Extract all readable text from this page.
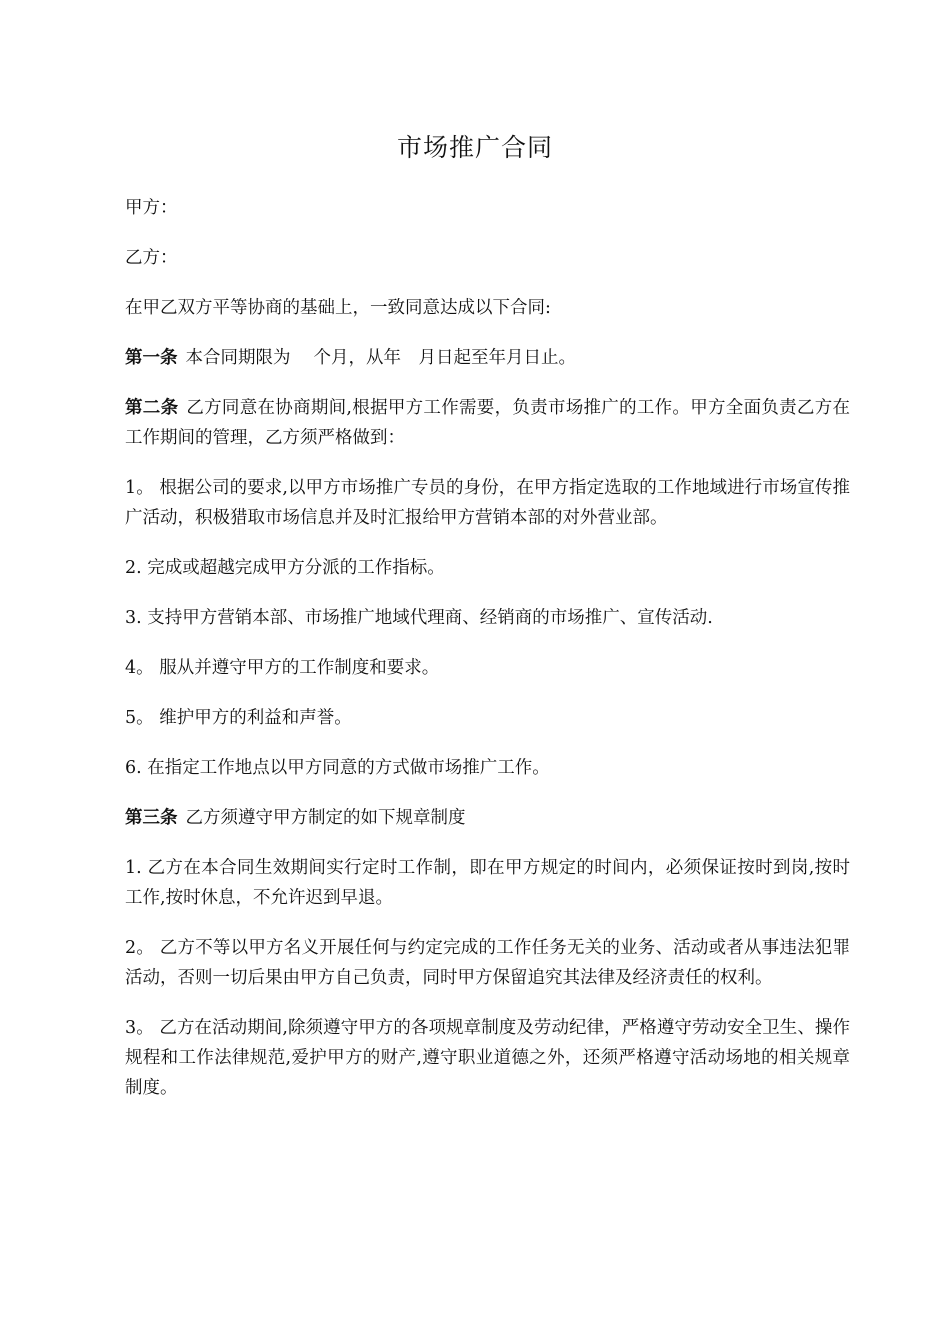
市场推广合同

甲方：

乙方：

在甲乙双方平等协商的基础上，一致同意达成以下合同:

第一条 本合同期限为　 个月，从年　月日起至年月日止。

第二条 乙方同意在协商期间,根据甲方工作需要，负责市场推广的工作。甲方全面负责乙方在工作期间的管理，乙方须严格做到：

1。 根据公司的要求,以甲方市场推广专员的身份，在甲方指定选取的工作地域进行市场宣传推广活动，积极猎取市场信息并及时汇报给甲方营销本部的对外营业部。

2. 完成或超越完成甲方分派的工作指标。

3. 支持甲方营销本部、市场推广地域代理商、经销商的市场推广、宣传活动.

4。 服从并遵守甲方的工作制度和要求。

5。 维护甲方的利益和声誉。

6. 在指定工作地点以甲方同意的方式做市场推广工作。

第三条 乙方须遵守甲方制定的如下规章制度

1. 乙方在本合同生效期间实行定时工作制，即在甲方规定的时间内，必须保证按时到岗,按时工作,按时休息，不允许迟到早退。

2。 乙方不等以甲方名义开展任何与约定完成的工作任务无关的业务、活动或者从事违法犯罪活动，否则一切后果由甲方自己负责，同时甲方保留追究其法律及经济责任的权利。

3。 乙方在活动期间,除须遵守甲方的各项规章制度及劳动纪律，严格遵守劳动安全卫生、操作规程和工作法律规范,爱护甲方的财产,遵守职业道德之外，还须严格遵守活动场地的相关规章制度。
